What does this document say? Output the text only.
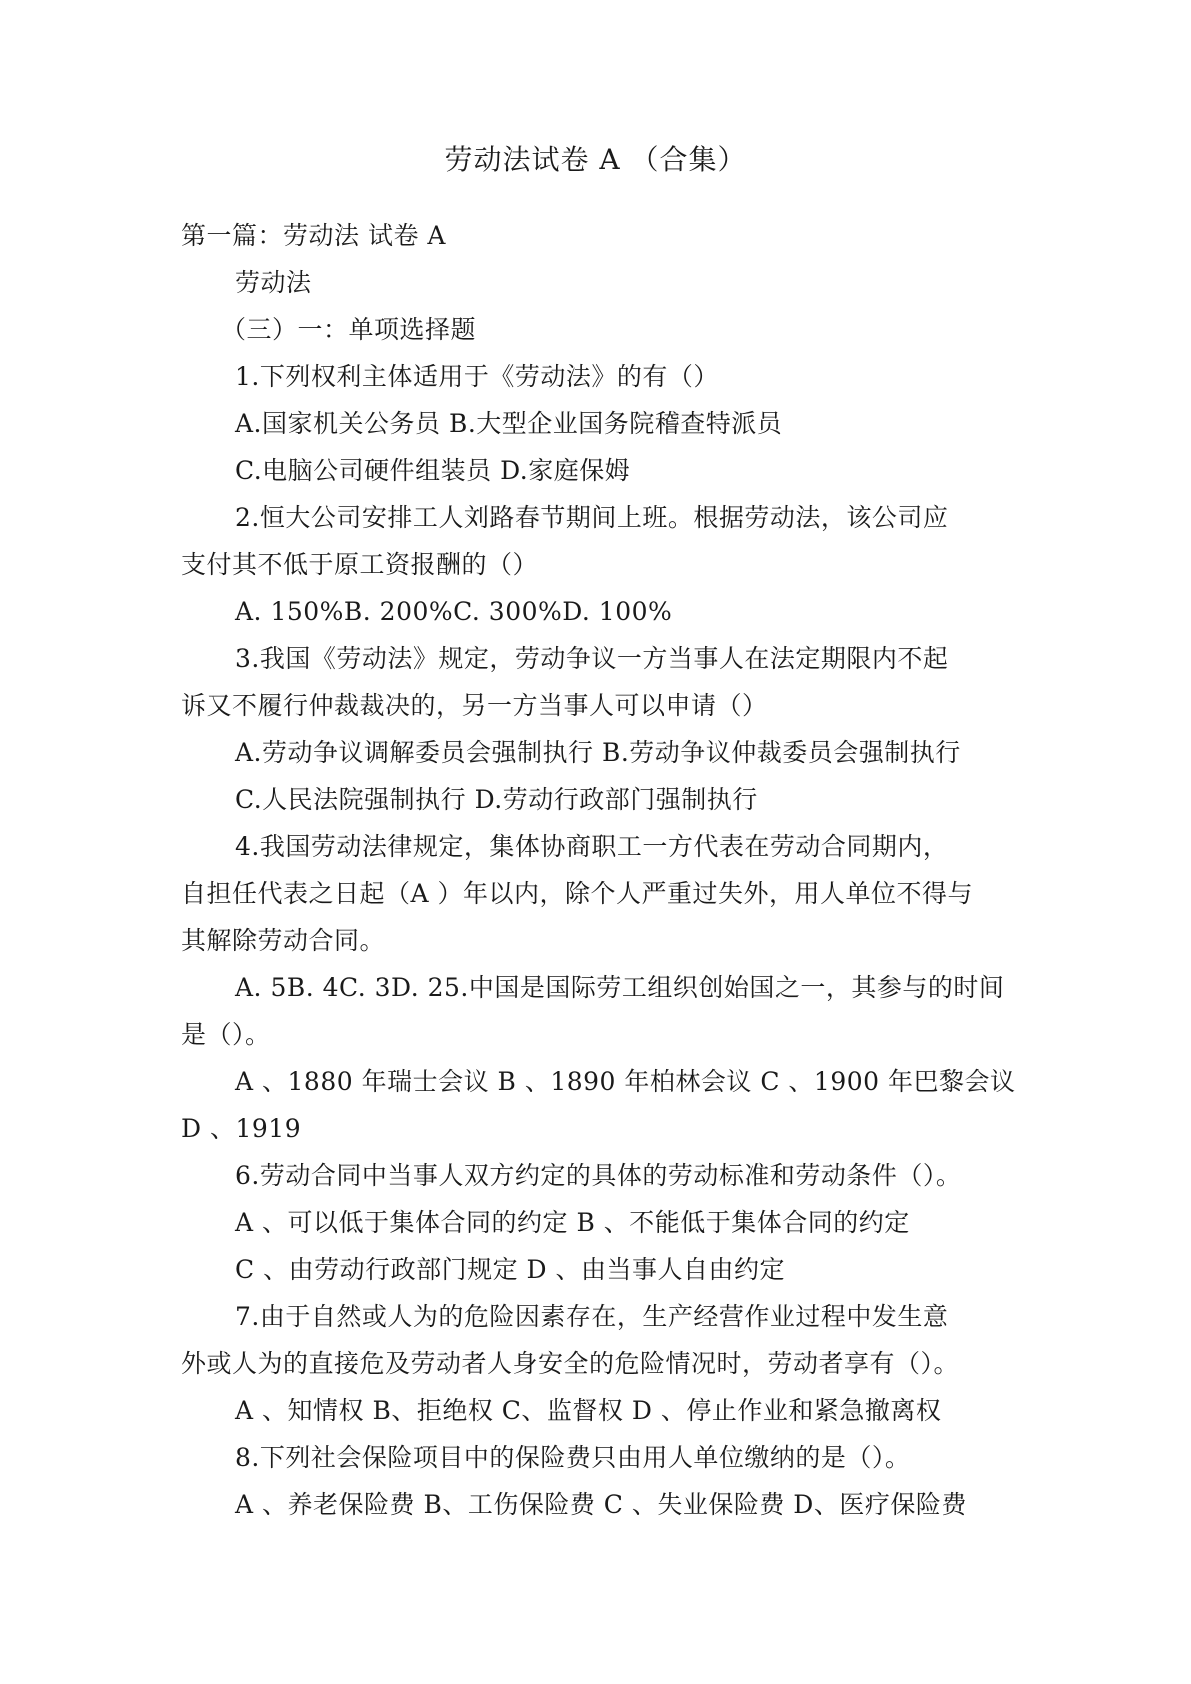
劳动法试卷 A （合集）
第一篇：劳动法 试卷 A
劳动法
（三）一：单项选择题
1.下列权利主体适用于《劳动法》的有（）
A.国家机关公务员 B.大型企业国务院稽查特派员
C.电脑公司硬件组装员 D.家庭保姆
2.恒大公司安排工人刘路春节期间上班。根据劳动法，该公司应
支付其不低于原工资报酬的（）
A. 150%B. 200%C. 300%D. 100%
3.我国《劳动法》规定，劳动争议一方当事人在法定期限内不起
诉又不履行仲裁裁决的，另一方当事人可以申请（）
A.劳动争议调解委员会强制执行 B.劳动争议仲裁委员会强制执行
C.人民法院强制执行 D.劳动行政部门强制执行
4.我国劳动法律规定，集体协商职工一方代表在劳动合同期内，
自担任代表之日起（A ）年以内，除个人严重过失外，用人单位不得与
其解除劳动合同。
A. 5B. 4C. 3D. 25.中国是国际劳工组织创始国之一，其参与的时间
是（）。
A 、1880 年瑞士会议 B 、1890 年柏林会议 C 、1900 年巴黎会议
D 、1919
6.劳动合同中当事人双方约定的具体的劳动标准和劳动条件（）。
A 、可以低于集体合同的约定 B 、不能低于集体合同的约定
C 、由劳动行政部门规定 D 、由当事人自由约定
7.由于自然或人为的危险因素存在，生产经营作业过程中发生意
外或人为的直接危及劳动者人身安全的危险情况时，劳动者享有（）。
A 、知情权 B、拒绝权 C、监督权 D 、停止作业和紧急撤离权
8.下列社会保险项目中的保险费只由用人单位缴纳的是（）。
A 、养老保险费 B、工伤保险费 C 、失业保险费 D、医疗保险费
